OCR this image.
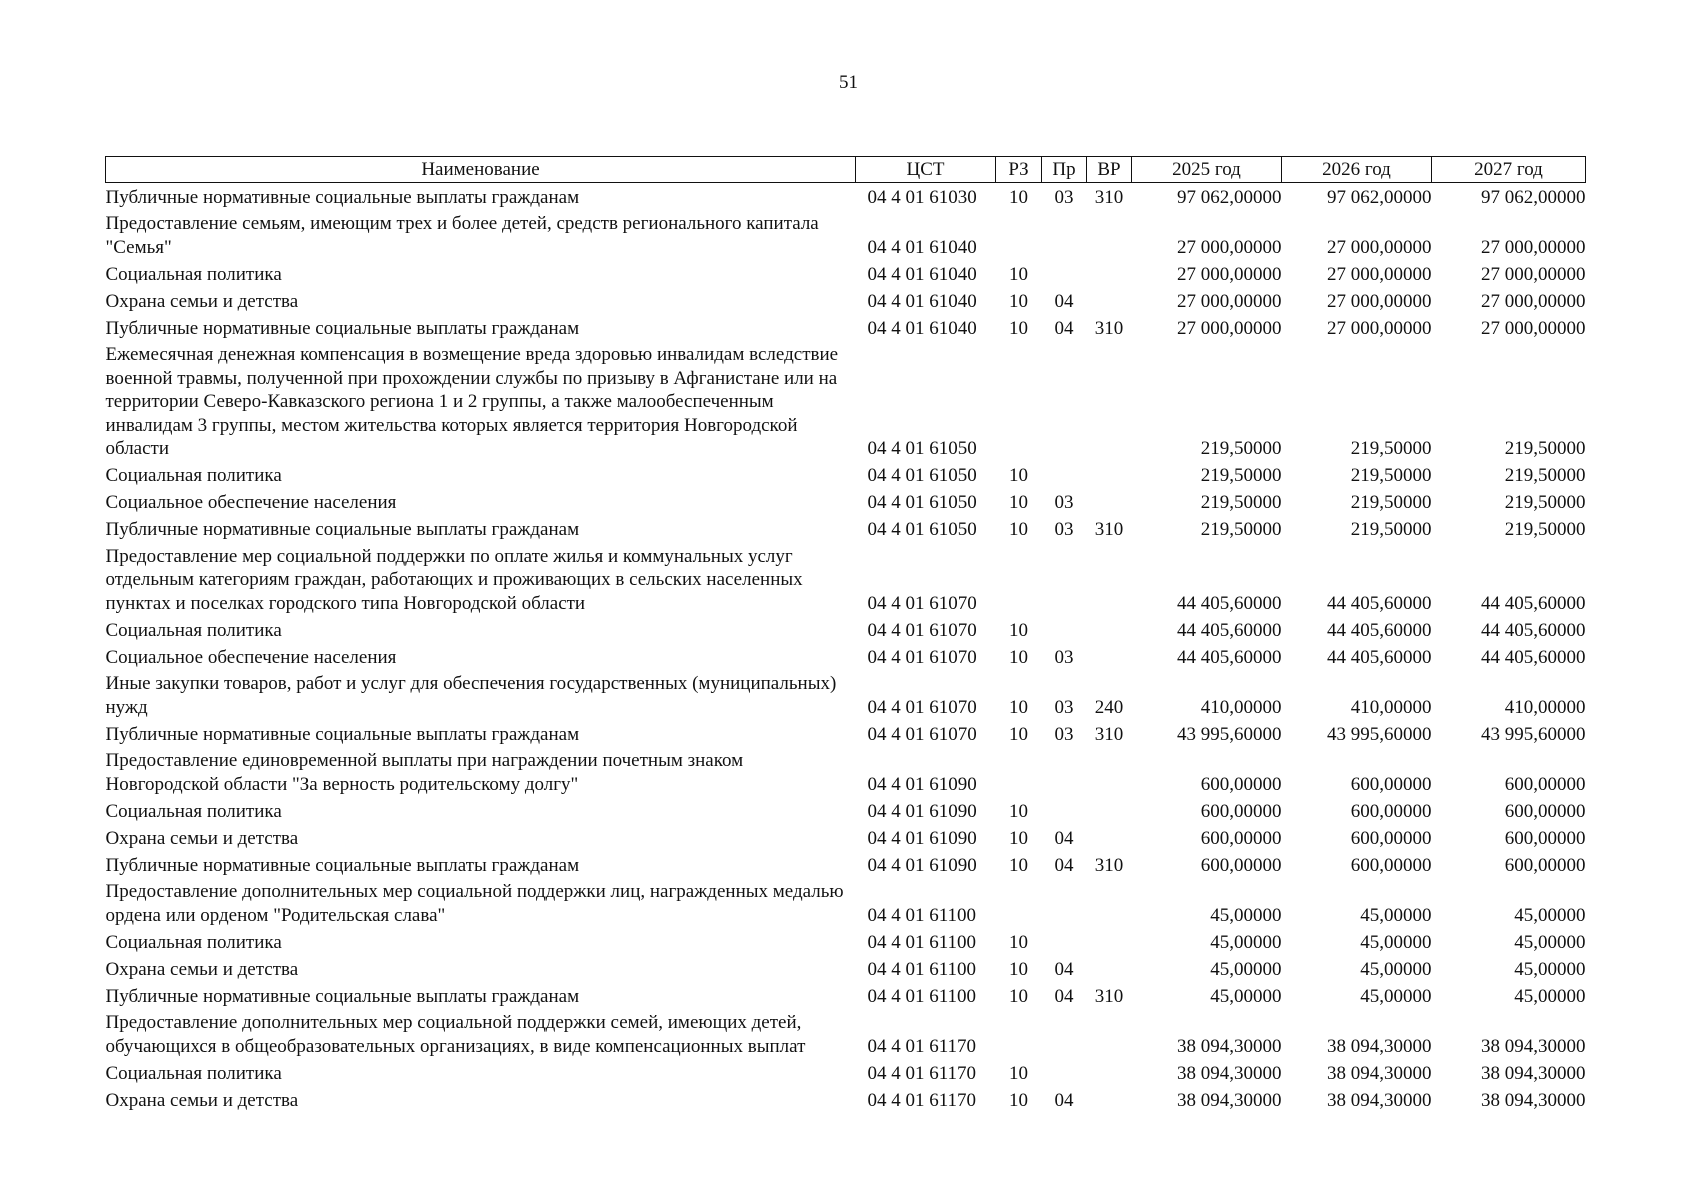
51
Наименование	ЦСТ	РЗ	Пр	ВР	2025 год	2026 год	2027 год
Публичные нормативные социальные выплаты гражданам	04 4 01 61030	10	03	310	97 062,00000	97 062,00000	97 062,00000
Предоставление семьям, имеющим трех и более детей, средств регионального капитала "Семья"	04 4 01 61040				27 000,00000	27 000,00000	27 000,00000
Социальная политика	04 4 01 61040	10			27 000,00000	27 000,00000	27 000,00000
Охрана семьи и детства	04 4 01 61040	10	04		27 000,00000	27 000,00000	27 000,00000
Публичные нормативные социальные выплаты гражданам	04 4 01 61040	10	04	310	27 000,00000	27 000,00000	27 000,00000
Ежемесячная денежная компенсация в возмещение вреда здоровью инвалидам вследствие военной травмы, полученной при прохождении службы по призыву в Афганистане или на территории Северо-Кавказского региона 1 и 2 группы, а также малообеспеченным инвалидам 3 группы, местом жительства которых является территория Новгородской области	04 4 01 61050				219,50000	219,50000	219,50000
Социальная политика	04 4 01 61050	10			219,50000	219,50000	219,50000
Социальное обеспечение населения	04 4 01 61050	10	03		219,50000	219,50000	219,50000
Публичные нормативные социальные выплаты гражданам	04 4 01 61050	10	03	310	219,50000	219,50000	219,50000
Предоставление мер социальной поддержки по оплате жилья и коммунальных услуг отдельным категориям граждан, работающих и проживающих в сельских населенных пунктах и поселках городского типа Новгородской области	04 4 01 61070				44 405,60000	44 405,60000	44 405,60000
Социальная политика	04 4 01 61070	10			44 405,60000	44 405,60000	44 405,60000
Социальное обеспечение населения	04 4 01 61070	10	03		44 405,60000	44 405,60000	44 405,60000
Иные закупки товаров, работ и услуг для обеспечения государственных (муниципальных) нужд	04 4 01 61070	10	03	240	410,00000	410,00000	410,00000
Публичные нормативные социальные выплаты гражданам	04 4 01 61070	10	03	310	43 995,60000	43 995,60000	43 995,60000
Предоставление единовременной выплаты при награждении почетным знаком Новгородской области "За верность родительскому долгу"	04 4 01 61090				600,00000	600,00000	600,00000
Социальная политика	04 4 01 61090	10			600,00000	600,00000	600,00000
Охрана семьи и детства	04 4 01 61090	10	04		600,00000	600,00000	600,00000
Публичные нормативные социальные выплаты гражданам	04 4 01 61090	10	04	310	600,00000	600,00000	600,00000
Предоставление дополнительных мер социальной поддержки лиц, награжденных медалью ордена или орденом "Родительская слава"	04 4 01 61100				45,00000	45,00000	45,00000
Социальная политика	04 4 01 61100	10			45,00000	45,00000	45,00000
Охрана семьи и детства	04 4 01 61100	10	04		45,00000	45,00000	45,00000
Публичные нормативные социальные выплаты гражданам	04 4 01 61100	10	04	310	45,00000	45,00000	45,00000
Предоставление дополнительных мер социальной поддержки семей, имеющих детей, обучающихся в общеобразовательных организациях, в виде компенсационных выплат	04 4 01 61170				38 094,30000	38 094,30000	38 094,30000
Социальная политика	04 4 01 61170	10			38 094,30000	38 094,30000	38 094,30000
Охрана семьи и детства	04 4 01 61170	10	04		38 094,30000	38 094,30000	38 094,30000
